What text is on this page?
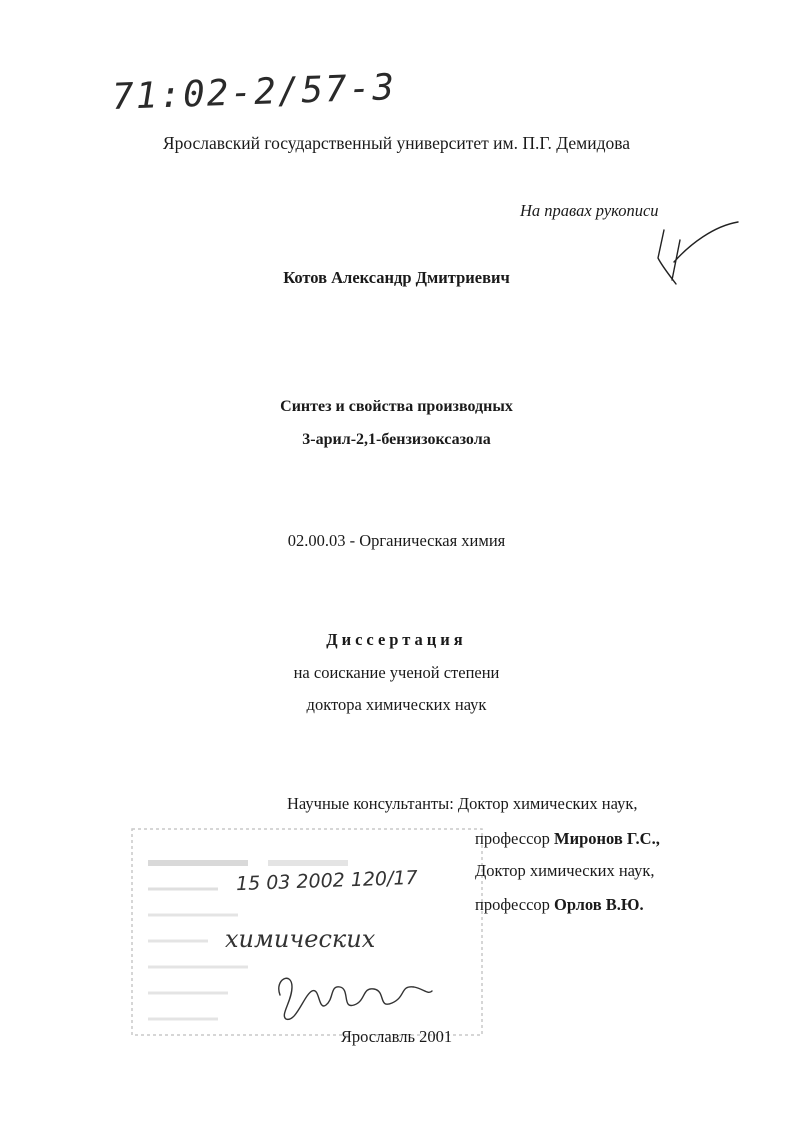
71:02-2/57-3
Ярославский государственный университет им. П.Г. Демидова
На правах рукописи
Котов Александр Дмитриевич
Синтез и свойства производных
3-арил-2,1-бензизоксазола
02.00.03 - Органическая химия
Диссертация
на соискание ученой степени
доктора химических наук
15 03 2002 120/17
химических
Научные консультанты: Доктор химических наук,
профессор Миронов Г.С.,
Доктор химических наук,
профессор Орлов В.Ю.
Ярославль 2001
